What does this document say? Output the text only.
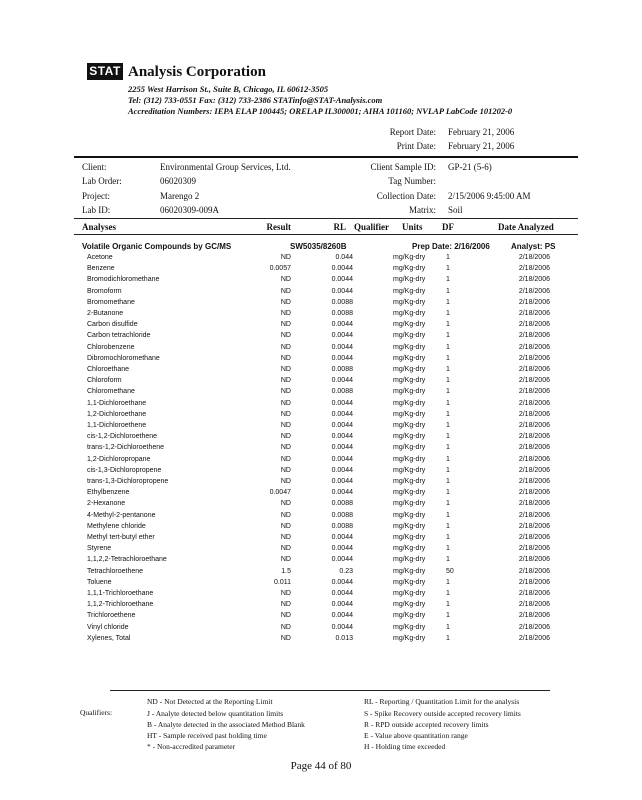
STAT Analysis Corporation
2255 West Harrison St., Suite B, Chicago, IL 60612-3505
Tel: (312) 733-0551 Fax: (312) 733-2386 STATinfo@STAT-Analysis.com
Accreditation Numbers: IEPA ELAP 100445; ORELAP IL300001; AIHA 101160; NVLAP LabCode 101202-0
Report Date: February 21, 2006
Print Date: February 21, 2006
Client:	Environmental Group Services, Ltd.
Lab Order:	06020309
Project:	Marengo 2
Lab ID:	06020309-009A
Client Sample ID: GP-21 (5-6)
Tag Number:
Collection Date: 2/15/2006 9:45:00 AM
Matrix: Soil
Analyses	Result	RL Qualifier Units DF	Date Analyzed
Volatile Organic Compounds by GC/MS	SW5035/8260B	Prep Date: 2/16/2006	Analyst: PS
Acetone	ND	0.044	mg/Kg-dry	1	2/18/2006
Benzene	0.0057	0.0044	mg/Kg-dry	1	2/18/2006
Bromodichloromethane	ND	0.0044	mg/Kg-dry	1	2/18/2006
Bromoform	ND	0.0044	mg/Kg-dry	1	2/18/2006
Bromomethane	ND	0.0088	mg/Kg-dry	1	2/18/2006
2-Butanone	ND	0.0088	mg/Kg-dry	1	2/18/2006
Carbon disulfide	ND	0.0044	mg/Kg-dry	1	2/18/2006
Carbon tetrachloride	ND	0.0044	mg/Kg-dry	1	2/18/2006
Chlorobenzene	ND	0.0044	mg/Kg-dry	1	2/18/2006
Dibromochloromethane	ND	0.0044	mg/Kg-dry	1	2/18/2006
Chloroethane	ND	0.0088	mg/Kg-dry	1	2/18/2006
Chloroform	ND	0.0044	mg/Kg-dry	1	2/18/2006
Chloromethane	ND	0.0088	mg/Kg-dry	1	2/18/2006
1,1-Dichloroethane	ND	0.0044	mg/Kg-dry	1	2/18/2006
1,2-Dichloroethane	ND	0.0044	mg/Kg-dry	1	2/18/2006
1,1-Dichloroethene	ND	0.0044	mg/Kg-dry	1	2/18/2006
cis-1,2-Dichloroethene	ND	0.0044	mg/Kg-dry	1	2/18/2006
trans-1,2-Dichloroethene	ND	0.0044	mg/Kg-dry	1	2/18/2006
1,2-Dichloropropane	ND	0.0044	mg/Kg-dry	1	2/18/2006
cis-1,3-Dichloropropene	ND	0.0044	mg/Kg-dry	1	2/18/2006
trans-1,3-Dichloropropene	ND	0.0044	mg/Kg-dry	1	2/18/2006
Ethylbenzene	0.0047	0.0044	mg/Kg-dry	1	2/18/2006
2-Hexanone	ND	0.0088	mg/Kg-dry	1	2/18/2006
4-Methyl-2-pentanone	ND	0.0088	mg/Kg-dry	1	2/18/2006
Methylene chloride	ND	0.0088	mg/Kg-dry	1	2/18/2006
Methyl tert-butyl ether	ND	0.0044	mg/Kg-dry	1	2/18/2006
Styrene	ND	0.0044	mg/Kg-dry	1	2/18/2006
1,1,2,2-Tetrachloroethane	ND	0.0044	mg/Kg-dry	1	2/18/2006
Tetrachloroethene	1.5	0.23	mg/Kg-dry	50	2/18/2006
Toluene	0.011	0.0044	mg/Kg-dry	1	2/18/2006
1,1,1-Trichloroethane	ND	0.0044	mg/Kg-dry	1	2/18/2006
1,1,2-Trichloroethane	ND	0.0044	mg/Kg-dry	1	2/18/2006
Trichloroethene	ND	0.0044	mg/Kg-dry	1	2/18/2006
Vinyl chloride	ND	0.0044	mg/Kg-dry	1	2/18/2006
Xylenes, Total	ND	0.013	mg/Kg-dry	1	2/18/2006
Qualifiers:
ND - Not Detected at the Reporting Limit
J - Analyte detected below quantitation limits
B - Analyte detected in the associated Method Blank
HT - Sample received past holding time
* - Non-accredited parameter
RL - Reporting / Quantitation Limit for the analysis
S - Spike Recovery outside accepted recovery limits
R - RPD outside accepted recovery limits
E - Value above quantitation range
H - Holding time exceeded
Page 44 of 80
